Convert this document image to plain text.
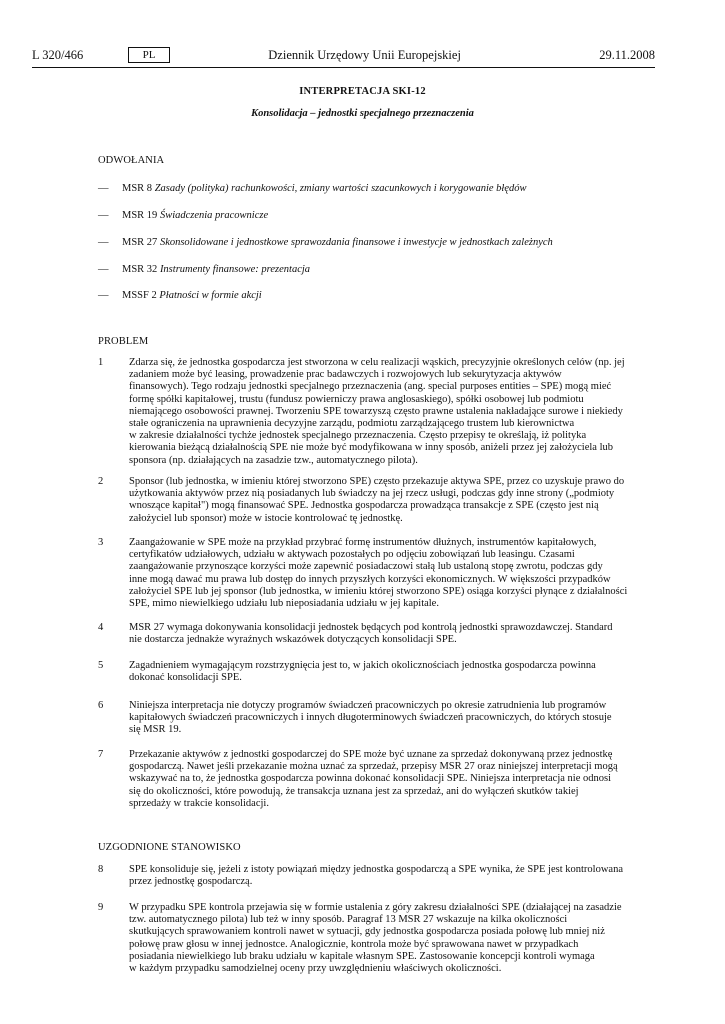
L 320/466	PL	Dziennik Urzędowy Unii Europejskiej	29.11.2008
INTERPRETACJA SKI-12
Konsolidacja – jednostki specjalnego przeznaczenia
ODWOŁANIA
— MSR 8 Zasady (polityka) rachunkowości, zmiany wartości szacunkowych i korygowanie błędów
— MSR 19 Świadczenia pracownicze
— MSR 27 Skonsolidowane i jednostkowe sprawozdania finansowe i inwestycje w jednostkach zależnych
— MSR 32 Instrumenty finansowe: prezentacja
— MSSF 2 Płatności w formie akcji
PROBLEM
1 Zdarza się, że jednostka gospodarcza jest stworzona w celu realizacji wąskich, precyzyjnie określonych celów (np. jej
zadaniem może być leasing, prowadzenie prac badawczych i rozwojowych lub sekurytyzacja aktywów
finansowych). Tego rodzaju jednostki specjalnego przeznaczenia (ang. special purposes entities – SPE) mogą mieć
formę spółki kapitałowej, trustu (fundusz powierniczy prawa anglosaskiego), spółki osobowej lub podmiotu
niemającego osobowości prawnej. Tworzeniu SPE towarzyszą często prawne ustalenia nakładające surowe i niekiedy
stałe ograniczenia na uprawnienia decyzyjne zarządu, podmiotu zarządzającego trustem lub kierownictwa
w zakresie działalności tychże jednostek specjalnego przeznaczenia. Często przepisy te określają, iż polityka
kierowania bieżącą działalnością SPE nie może być modyfikowana w inny sposób, aniżeli przez jej założyciela lub
sponsora (np. działających na zasadzie tzw., automatycznego pilota).
2 Sponsor (lub jednostka, w imieniu której stworzono SPE) często przekazuje aktywa SPE, przez co uzyskuje prawo do
użytkowania aktywów przez nią posiadanych lub świadczy na jej rzecz usługi, podczas gdy inne strony („podmioty
wnoszące kapitał") mogą finansować SPE. Jednostka gospodarcza prowadząca transakcje z SPE (często jest nią
założyciel lub sponsor) może w istocie kontrolować tę jednostkę.
3 Zaangażowanie w SPE może na przykład przybrać formę instrumentów dłużnych, instrumentów kapitałowych,
certyfikatów udziałowych, udziału w aktywach pozostałych po odjęciu zobowiązań lub leasingu. Czasami
zaangażowanie przynoszące korzyści może zapewnić posiadaczowi stałą lub ustaloną stopę zwrotu, podczas gdy
inne mogą dawać mu prawa lub dostęp do innych przyszłych korzyści ekonomicznych. W większości przypadków
założyciel SPE lub jej sponsor (lub jednostka, w imieniu której stworzono SPE) osiąga korzyści płynące z działalności
SPE, mimo niewielkiego udziału lub nieposiadania udziału w jej kapitale.
4 MSR 27 wymaga dokonywania konsolidacji jednostek będących pod kontrolą jednostki sprawozdawczej. Standard
nie dostarcza jednakże wyraźnych wskazówek dotyczących konsolidacji SPE.
5 Zagadnieniem wymagającym rozstrzygnięcia jest to, w jakich okolicznościach jednostka gospodarcza powinna
dokonać konsolidacji SPE.
6 Niniejsza interpretacja nie dotyczy programów świadczeń pracowniczych po okresie zatrudnienia lub programów
kapitałowych świadczeń pracowniczych i innych długoterminowych świadczeń pracowniczych, do których stosuje
się MSR 19.
7 Przekazanie aktywów z jednostki gospodarczej do SPE może być uznane za sprzedaż dokonywaną przez jednostkę
gospodarczą. Nawet jeśli przekazanie można uznać za sprzedaż, przepisy MSR 27 oraz niniejszej interpretacji mogą
wskazywać na to, że jednostka gospodarcza powinna dokonać konsolidacji SPE. Niniejsza interpretacja nie odnosi
się do okoliczności, które powodują, że transakcja uznana jest za sprzedaż, ani do wyłączeń skutków takiej
sprzedaży w trakcie konsolidacji.
UZGODNIONE STANOWISKO
8 SPE konsoliduje się, jeżeli z istoty powiązań między jednostka gospodarczą a SPE wynika, że SPE jest kontrolowana
przez jednostkę gospodarczą.
9 W przypadku SPE kontrola przejawia się w formie ustalenia z góry zakresu działalności SPE (działającej na zasadzie
tzw. automatycznego pilota) lub też w inny sposób. Paragraf 13 MSR 27 wskazuje na kilka okoliczności
skutkujących sprawowaniem kontroli nawet w sytuacji, gdy jednostka gospodarcza posiada połowę lub mniej niż
połowę praw głosu w innej jednostce. Analogicznie, kontrola może być sprawowana nawet w przypadkach
posiadania niewielkiego lub braku udziału w kapitale własnym SPE. Zastosowanie koncepcji kontroli wymaga
w każdym przypadku samodzielnej oceny przy uwzględnieniu właściwych okoliczności.
